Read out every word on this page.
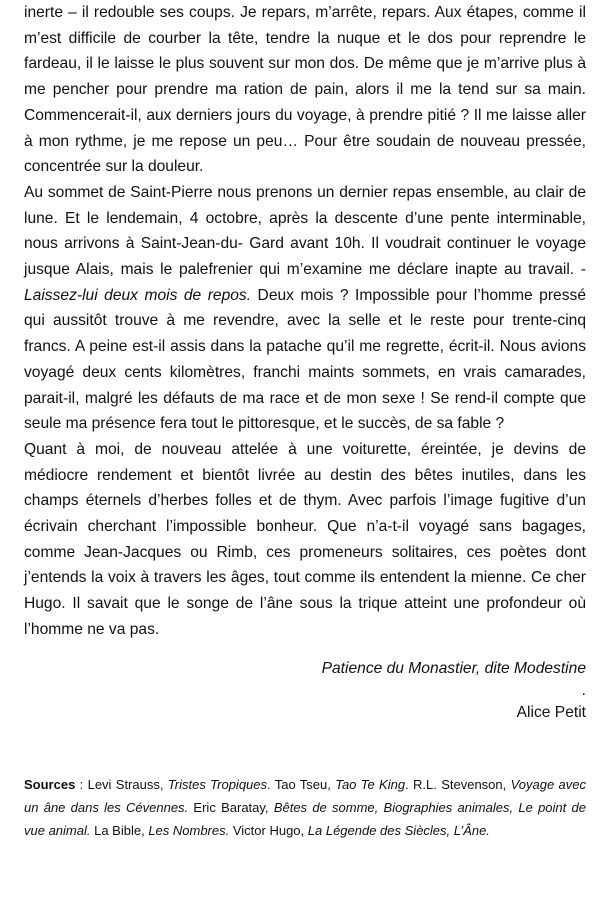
inerte – il redouble ses coups. Je repars, m’arrête, repars. Aux étapes, comme il m’est difficile de courber la tête, tendre la nuque et le dos pour reprendre le fardeau, il le laisse le plus souvent sur mon dos. De même que je m’arrive plus à me pencher pour prendre ma ration de pain, alors il me la tend sur sa main. Commencerait-il, aux derniers jours du voyage, à prendre pitié ? Il me laisse aller à mon rythme, je me repose un peu… Pour être soudain de nouveau pressée, concentrée sur la douleur.

Au sommet de Saint-Pierre nous prenons un dernier repas ensemble, au clair de lune. Et le lendemain, 4 octobre, après la descente d’une pente interminable, nous arrivons à Saint-Jean-du- Gard avant 10h. Il voudrait continuer le voyage jusque Alais, mais le palefrenier qui m’examine me déclare inapte au travail. - Laissez-lui deux mois de repos. Deux mois ? Impossible pour l’homme pressé qui aussitôt trouve à me revendre, avec la selle et le reste pour trente-cinq francs. A peine est-il assis dans la patache qu’il me regrette, écrit-il. Nous avions voyagé deux cents kilomètres, franchi maints sommets, en vrais camarades, parait-il, malgré les défauts de ma race et de mon sexe ! Se rend-il compte que seule ma présence fera tout le pittoresque, et le succès, de sa fable ?

Quant à moi, de nouveau attelée à une voiturette, éreintée, je devins de médiocre rendement et bientôt livrée au destin des bêtes inutiles, dans les champs éternels d’herbes folles et de thym. Avec parfois l’image fugitive d’un écrivain cherchant l’impossible bonheur. Que n’a-t-il voyagé sans bagages, comme Jean-Jacques ou Rimb, ces promeneurs solitaires, ces poètes dont j’entends la voix à travers les âges, tout comme ils entendent la mienne. Ce cher Hugo. Il savait que le songe de l’âne sous la trique atteint une profondeur où l’homme ne va pas.

Patience du Monastier, dite Modestine

.

Alice Petit

Sources : Levi Strauss, Tristes Tropiques. Tao Tseu, Tao Te King. R.L. Stevenson, Voyage avec un âne dans les Cévennes. Eric Baratay, Bêtes de somme, Biographies animales, Le point de vue animal. La Bible, Les Nombres. Victor Hugo, La Légende des Siècles, L’Âne.
